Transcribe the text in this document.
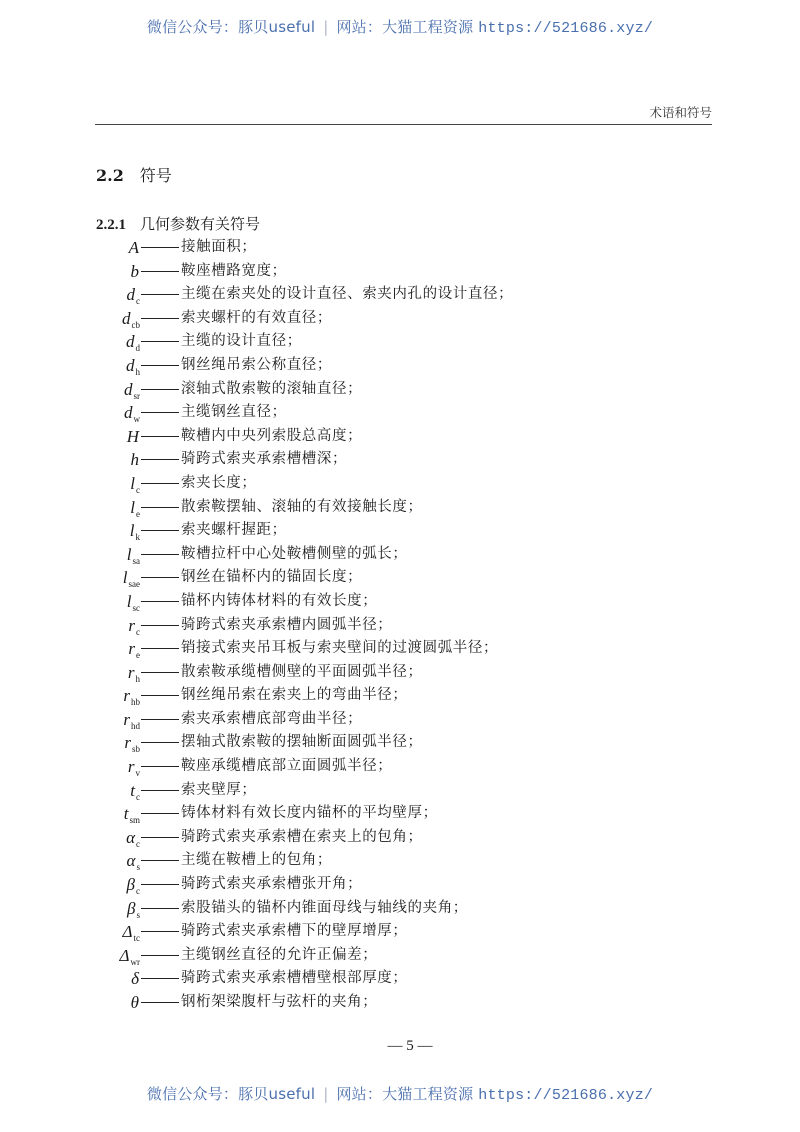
微信公众号：豚贝useful | 网站：大猫工程资源 https://521686.xyz/
术语和符号
2.2 符号
2.2.1 几何参数有关符号
A	接触面积；
b	鞍座槽路宽度；
$d_c$	主缆在索夹处的设计直径、索夹内孔的设计直径；
$d_{cb}$	索夹螺杆的有效直径；
$d_d$	主缆的设计直径；
$d_h$	钢丝绳吊索公称直径；
$d_{sr}$	滚轴式散索鞍的滚轴直径；
$d_w$	主缆钢丝直径；
H	鞍槽内中央列索股总高度；
h	骑跨式索夹承索槽槽深；
$l_c$	索夹长度；
$l_e$	散索鞍摆轴、滚轴的有效接触长度；
$l_k$	索夹螺杆握距；
$l_{sa}$	鞍槽拉杆中心处鞍槽侧壁的弧长；
$l_{sae}$	钢丝在锚杯内的锚固长度；
$l_{sc}$	锚杯内铸体材料的有效长度；
$r_c$	骑跨式索夹承索槽内圆弧半径；
$r_e$	销接式索夹吊耳板与索夹壁间的过渡圆弧半径；
$r_h$	散索鞍承缆槽侧壁的平面圆弧半径；
$r_{hb}$	钢丝绳吊索在索夹上的弯曲半径；
$r_{hd}$	索夹承索槽底部弯曲半径；
$r_{sb}$	摆轴式散索鞍的摆轴断面圆弧半径；
$r_v$	鞍座承缆槽底部立面圆弧半径；
$t_c$	索夹壁厚；
$t_{sm}$	铸体材料有效长度内锚杯的平均壁厚；
$\alpha_c$	骑跨式索夹承索槽在索夹上的包角；
$\alpha_s$	主缆在鞍槽上的包角；
$\beta_c$	骑跨式索夹承索槽张开角；
$\beta_s$	索股锚头的锚杯内锥面母线与轴线的夹角；
$\Delta_{tc}$	骑跨式索夹承索槽下的壁厚增厚；
$\Delta_{wr}$	主缆钢丝直径的允许正偏差；
δ	骑跨式索夹承索槽槽壁根部厚度；
θ	钢桁架梁腹杆与弦杆的夹角；
— 5 —
微信公众号：豚贝useful | 网站：大猫工程资源 https://521686.xyz/
